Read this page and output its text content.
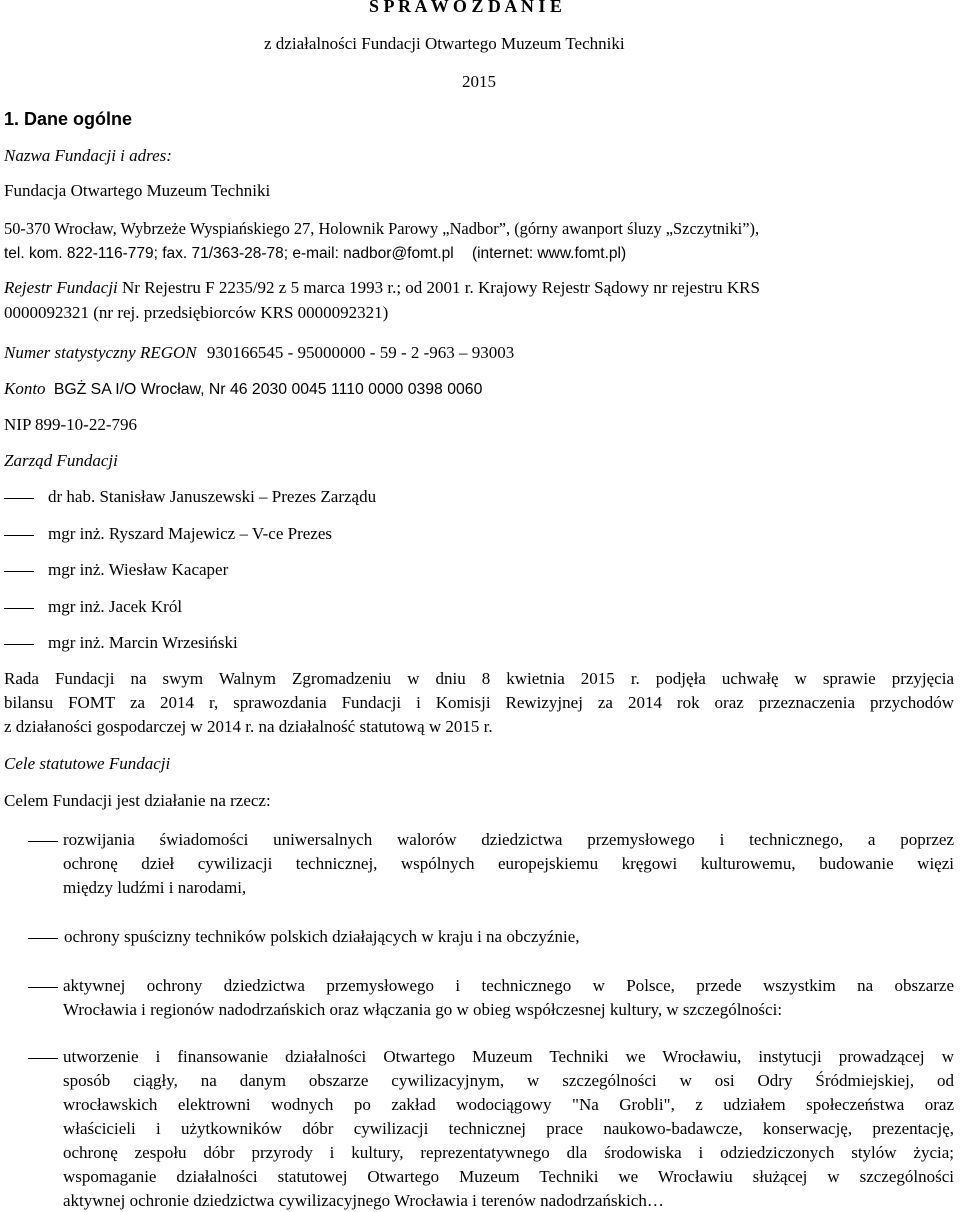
S P R A W O Z D A N I E
z działalności Fundacji Otwartego Muzeum Techniki
2015
1. Dane ogólne
Nazwa Fundacji i adres:
Fundacja Otwartego Muzeum Techniki
50-370 Wrocław, Wybrzeże Wyspiańskiego 27, Holownik Parowy „Nadbor”, (górny awanport śluzy „Szczytniki”),
tel. kom. 822-116-779; fax. 71/363-28-78; e-mail: nadbor@fomt.pl (internet: www.fomt.pl)
Rejestr Fundacji Nr Rejestru F 2235/92 z 5 marca 1993 r.; od 2001 r. Krajowy Rejestr Sądowy nr rejestru KRS
0000092321 (nr rej. przedsiębiorców KRS 0000092321)
Numer statystyczny REGON 930166545 - 95000000 - 59 - 2 -963 – 93003
Konto BGŻ SA I/O Wrocław, Nr 46 2030 0045 1110 0000 0398 0060
NIP 899-10-22-796
Zarząd Fundacji
dr hab. Stanisław Januszewski – Prezes Zarządu
mgr inż. Ryszard Majewicz – V-ce Prezes
mgr inż. Wiesław Kacaper
mgr inż. Jacek Król
mgr inż. Marcin Wrzesiński
Rada Fundacji na swym Walnym Zgromadzeniu w dniu 8 kwietnia 2015 r. podjęła uchwałę w sprawie przyjęcia
bilansu FOMT za 2014 r, sprawozdania Fundacji i Komisji Rewizyjnej za 2014 rok oraz przeznaczenia przychodów
z działaności gospodarczej w 2014 r. na działalność statutową w 2015 r.
Cele statutowe Fundacji
Celem Fundacji jest działanie na rzecz:
rozwijania świadomości uniwersalnych walorów dziedzictwa przemysłowego i technicznego, a poprzez
ochronę dzieł cywilizacji technicznej, wspólnych europejskiemu kręgowi kulturowemu, budowanie więzi
między ludźmi i narodami,
ochrony spuścizny techników polskich działających w kraju i na obczyźnie,
aktywnej ochrony dziedzictwa przemysłowego i technicznego w Polsce, przede wszystkim na obszarze
Wrocławia i regionów nadodrzańskich oraz włączania go w obieg współczesnej kultury, w szczególności:
utworzenie i finansowanie działalności Otwartego Muzeum Techniki we Wrocławiu, instytucji prowadzącej w
sposób ciągły, na danym obszarze cywilizacyjnym, w szczególności w osi Odry Śródmiejskiej, od
wrocławskich elektrowni wodnych po zakład wodociągowy "Na Grobli", z udziałem społeczeństwa oraz
właścicieli i użytkowników dóbr cywilizacji technicznej prace naukowo-badawcze, konserwację, prezentację,
ochronę zespołu dóbr przyrody i kultury, reprezentatywnego dla środowiska i odziedziczonych stylów życia;
wspomaganie działalności statutowej Otwartego Muzeum Techniki we Wrocławiu służącej w szczególności
aktywnej ochronie dziedzictwa cywilizacyjnego Wrocławia i terenów nadodrzańskich…
